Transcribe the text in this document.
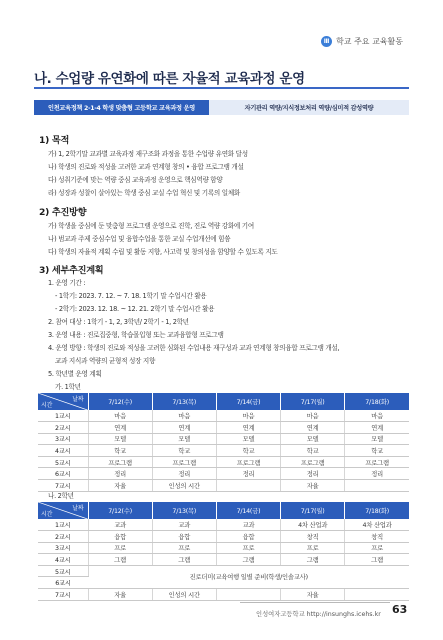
Ⅲ 학교 주요 교육활동
나. 수업량 유연화에 따른 자율적 교육과정 운영
인천교육정책 2-1-4 학생 맞춤형 고등학교 교육과정 운영	자기관리 역량/지식정보처리 역량/심미적 감성역량
1) 목적
가) 1, 2학기말 교과별 교육과정 재구조화 과정을 통한 수업량 유연화 달성
나) 학생의 진로와 적성을 고려한 교과 연계형 창의 • 융합 프로그램 개설
다) 성취기준에 맞는 역량 중심 교육과정 운영으로 핵심역량 함양
라) 성장과 성찰이 살아있는 학생 중심 교실 수업 혁신 및 기록의 일체화
2) 추진방향
가) 학생을 중심에 둔 맞춤형 프로그램 운영으로 진학, 진로 역량 강화에 기여
나) 범교과 주제 중심수업 및 융합수업을 통한 교실 수업개선에 힘씀
다) 학생의 자율적 계획 수립 및 활동 지향, 사고력 및 창의성을 함양할 수 있도록 지도
3) 세부추진계획
1. 운영 기간 :
- 1학기: 2023. 7. 12. ~ 7. 18. 1학기 말 수업시간 활용
- 2학기: 2023. 12. 18. ~ 12. 21. 2학기 말 수업시간 활용
2. 참여 대상 : 1학기 - 1, 2, 3학년/ 2학기 - 1, 2학년
3. 운영 내용 : 진로집중형, 학습몰입형 또는 교과융합형 프로그램
4. 운영 방향 : 학생의 진로와 적성을 고려한 심화된 수업내용 재구성과 교과 연계형 창의융합 프로그램 개설,
교과 지식과 역량의 균형적 성장 지향
5. 학년별 운영 계획
가. 1학년
날짜
시간	7/12(수)	7/13(목)	7/14(금)	7/17(월)	7/18(화)
1교시	마음	마음	마음	마음	마음
2교시	연계	연계	연계	연계	연계
3교시	모델	모델	모델	모델	모델
4교시	학교	학교	학교	학교	학교
5교시	프로그램	프로그램	프로그램	프로그램	프로그램
6교시	정리	정리	정리	정리	정리
7교시	자율	인성의 시간		자율	
나. 2학년
날짜
시간	7/12(수)	7/13(목)	7/14(금)	7/17(월)	7/18(화)
1교시	교과	교과	교과	4차 산업과	4차 산업과
2교시	융합	융합	융합	창직	창직
3교시	프로	프로	프로	프로	프로
4교시	그램	그램	그램	그램	그램
5교시	진로더미(교육여행 일별 준비(학생/인솔교사)				
6교시					
7교시	자율	인성의 시간		자율	
인성여자고등학교 http://insunghs.icehs.kr 63
